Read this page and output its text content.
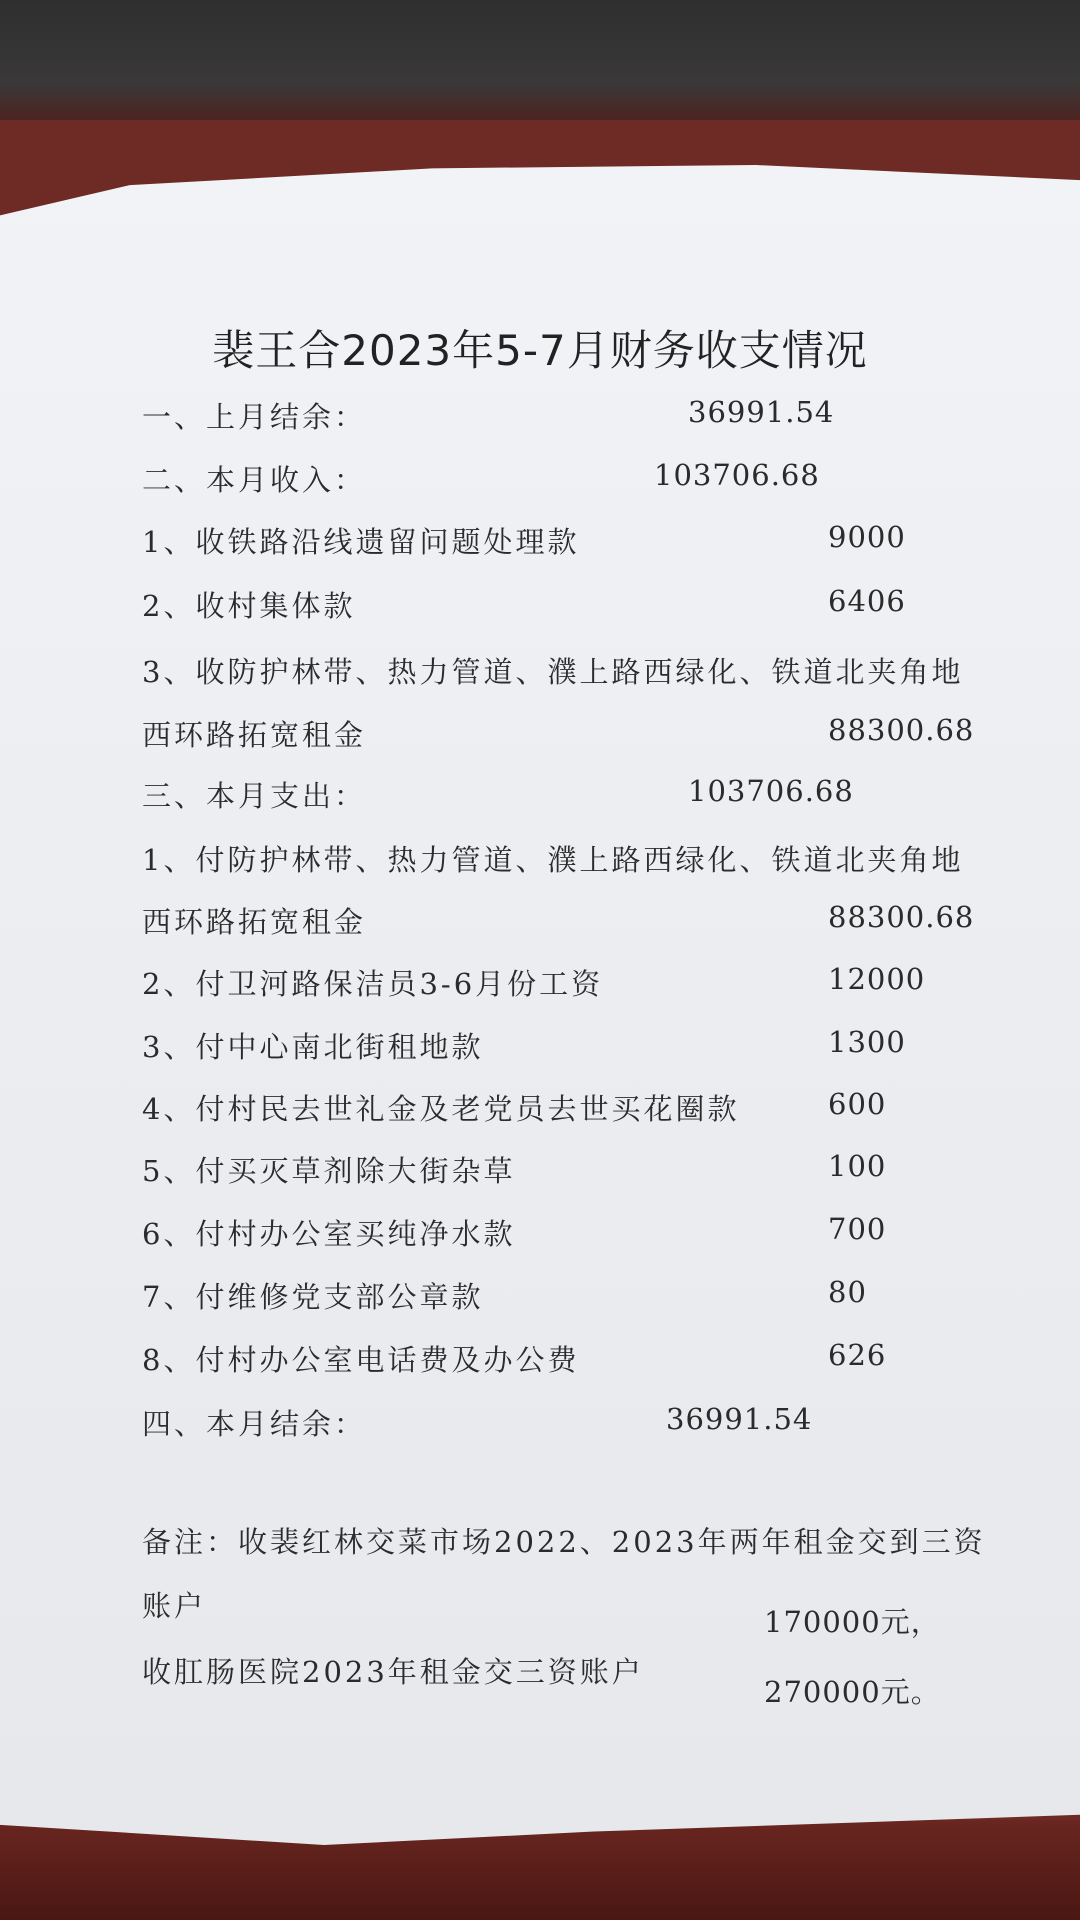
裴王合2023年5-7月财务收支情况
一、上月结余：	36991.54
二、本月收入：	103706.68
1、收铁路沿线遗留问题处理款	9000
2、收村集体款	6406
3、收防护林带、热力管道、濮上路西绿化、铁道北夹角地
西环路拓宽租金	88300.68
三、本月支出：	103706.68
1、付防护林带、热力管道、濮上路西绿化、铁道北夹角地
西环路拓宽租金	88300.68
2、付卫河路保洁员3-6月份工资	12000
3、付中心南北街租地款	1300
4、付村民去世礼金及老党员去世买花圈款	600
5、付买灭草剂除大街杂草	100
6、付村办公室买纯净水款	700
7、付维修党支部公章款	80
8、付村办公室电话费及办公费	626
四、本月结余：	36991.54
备注：收裴红林交菜市场2022、2023年两年租金交到三资
账户	170000元，
收肛肠医院2023年租金交三资账户
270000元。
